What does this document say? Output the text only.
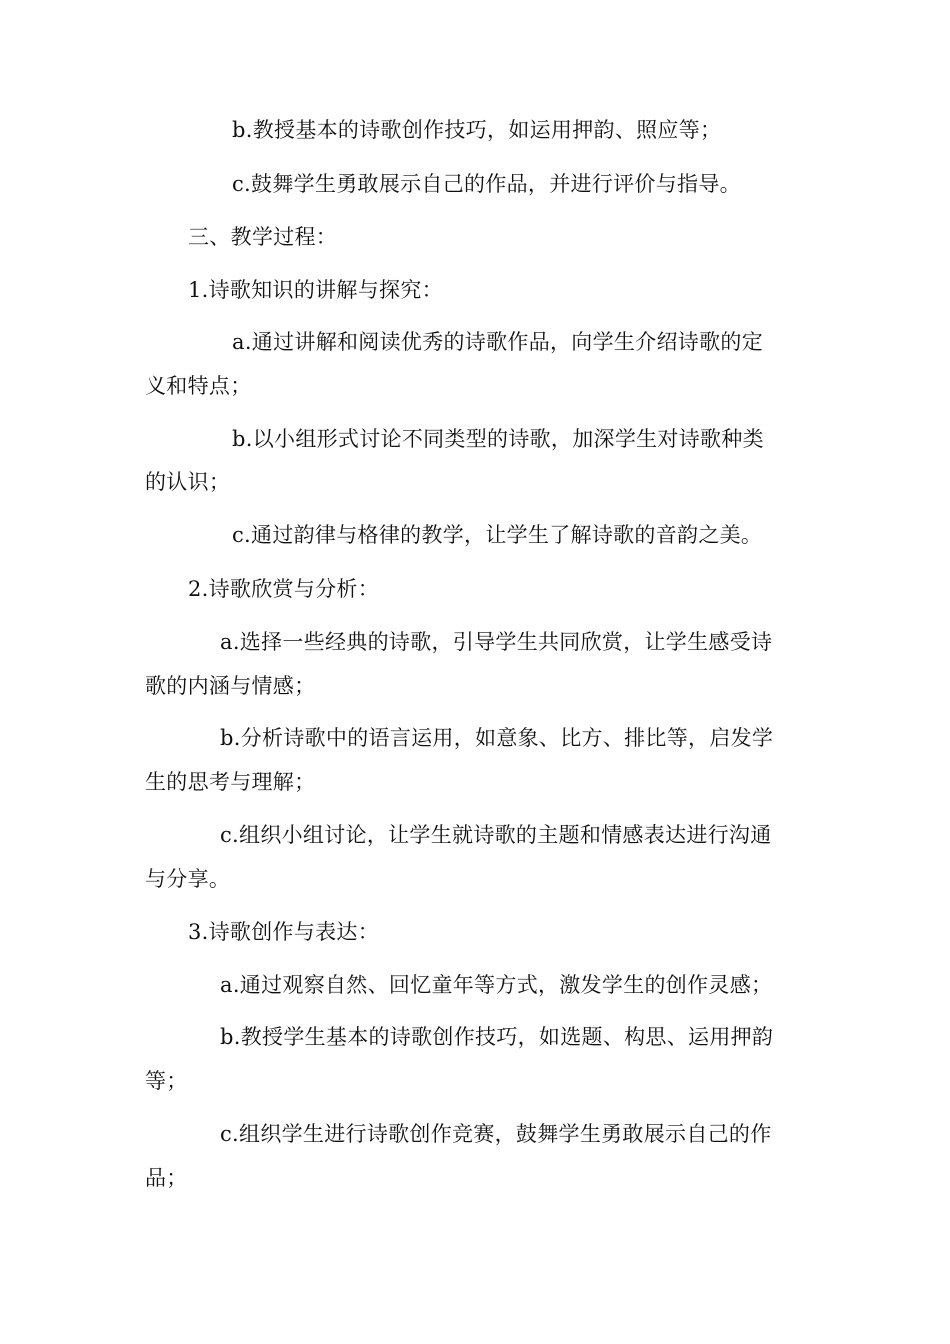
b.教授基本的诗歌创作技巧，如运用押韵、照应等；
c.鼓舞学生勇敢展示自己的作品，并进行评价与指导。
三、教学过程：
1.诗歌知识的讲解与探究：
a.通过讲解和阅读优秀的诗歌作品，向学生介绍诗歌的定
义和特点；
b.以小组形式讨论不同类型的诗歌，加深学生对诗歌种类
的认识；
c.通过韵律与格律的教学，让学生了解诗歌的音韵之美。
2.诗歌欣赏与分析：
a.选择一些经典的诗歌，引导学生共同欣赏，让学生感受诗
歌的内涵与情感；
b.分析诗歌中的语言运用，如意象、比方、排比等，启发学
生的思考与理解；
c.组织小组讨论，让学生就诗歌的主题和情感表达进行沟通
与分享。
3.诗歌创作与表达：
a.通过观察自然、回忆童年等方式，激发学生的创作灵感；
b.教授学生基本的诗歌创作技巧，如选题、构思、运用押韵
等；
c.组织学生进行诗歌创作竞赛，鼓舞学生勇敢展示自己的作
品；
